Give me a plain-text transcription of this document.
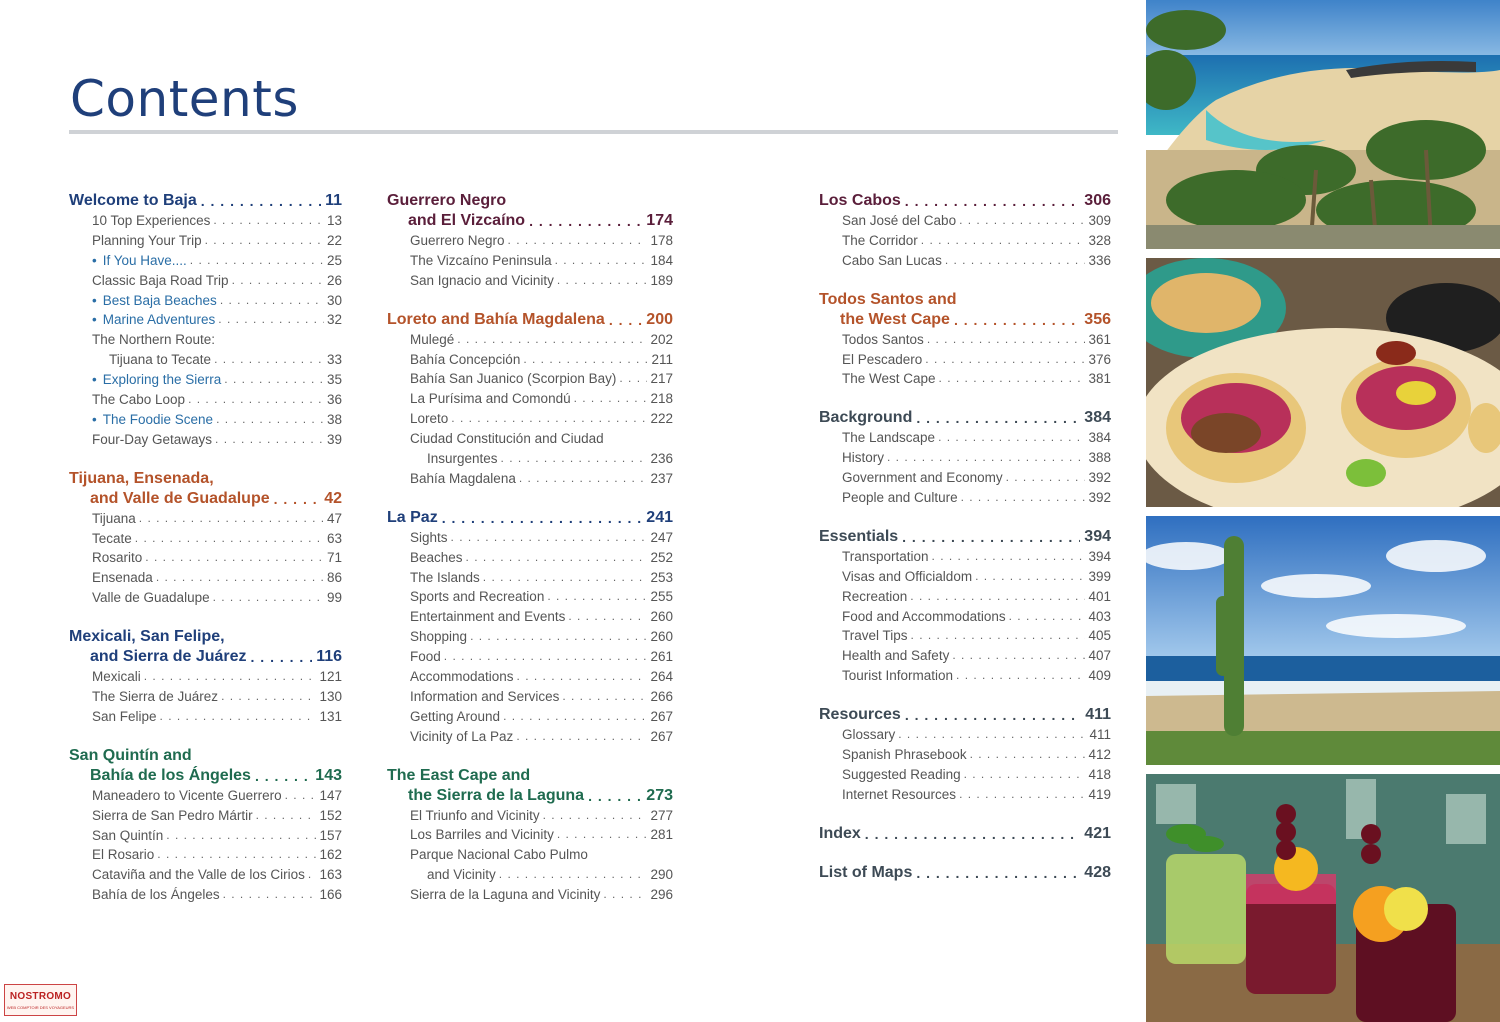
Contents
Welcome to Baja . . .	11
10 Top Experiences . . .	13
Planning Your Trip . . .	22
• If You Have.... . . .	25
Classic Baja Road Trip . . .	26
• Best Baja Beaches . . .	30
• Marine Adventures . . .	32
The Northern Route:
Tijuana to Tecate . . .	33
• Exploring the Sierra . . .	35
The Cabo Loop . . .	36
• The Foodie Scene . . .	38
Four-Day Getaways . . .	39
Tijuana, Ensenada,
and Valle de Guadalupe . . .	42
Tijuana . . .	47
Tecate . . .	63
Rosarito . . .	71
Ensenada . . .	86
Valle de Guadalupe . . .	99
Mexicali, San Felipe,
and Sierra de Juárez . . .	116
Mexicali . . .	121
The Sierra de Juárez . . .	130
San Felipe . . .	131
San Quintín and
Bahía de los Ángeles . . .	143
Maneadero to Vicente Guerrero . . .	147
Sierra de San Pedro Mártir . . .	152
San Quintín . . .	157
El Rosario . . .	162
Cataviña and the Valle de los Cirios . . . 163
Bahía de los Ángeles . . .	166
Guerrero Negro
and El Vizcaíno . . .	174
Guerrero Negro . . .	178
The Vizcaíno Peninsula . . .	184
San Ignacio and Vicinity . . .	189
Loreto and Bahía Magdalena . . .	200
Mulegé . . .	202
Bahía Concepción . . .	211
Bahía San Juanico (Scorpion Bay) . . .	217
La Purísima and Comondú . . .	218
Loreto . . .	222
Ciudad Constitución and Ciudad
Insurgentes . . .	236
Bahía Magdalena . . .	237
La Paz . . .	241
Sights . . .	247
Beaches . . .	252
The Islands . . .	253
Sports and Recreation . . .	255
Entertainment and Events . . .	260
Shopping . . .	260
Food . . .	261
Accommodations . . .	264
Information and Services . . .	266
Getting Around . . .	267
Vicinity of La Paz . . .	267
The East Cape and
the Sierra de la Laguna . . .	273
El Triunfo and Vicinity . . .	277
Los Barriles and Vicinity . . .	281
Parque Nacional Cabo Pulmo
and Vicinity . . .	290
Sierra de la Laguna and Vicinity . . .	296
Los Cabos . . .	306
San José del Cabo . . .	309
The Corridor . . .	328
Cabo San Lucas . . .	336
Todos Santos and
the West Cape . . .	356
Todos Santos . . .	361
El Pescadero . . .	376
The West Cape . . .	381
Background . . .	384
The Landscape . . .	384
History . . .	388
Government and Economy . . .	392
People and Culture . . .	392
Essentials . . .	394
Transportation . . .	394
Visas and Officialdom . . .	399
Recreation . . .	401
Food and Accommodations . . .	403
Travel Tips . . .	405
Health and Safety . . .	407
Tourist Information . . .	409
Resources . . .	411
Glossary . . .	411
Spanish Phrasebook . . .	412
Suggested Reading . . .	418
Internet Resources . . .	419
Index . . .	421
List of Maps . . .	428
NOSTROMO
WEB COMPTOIR DES VOYAGEURS
